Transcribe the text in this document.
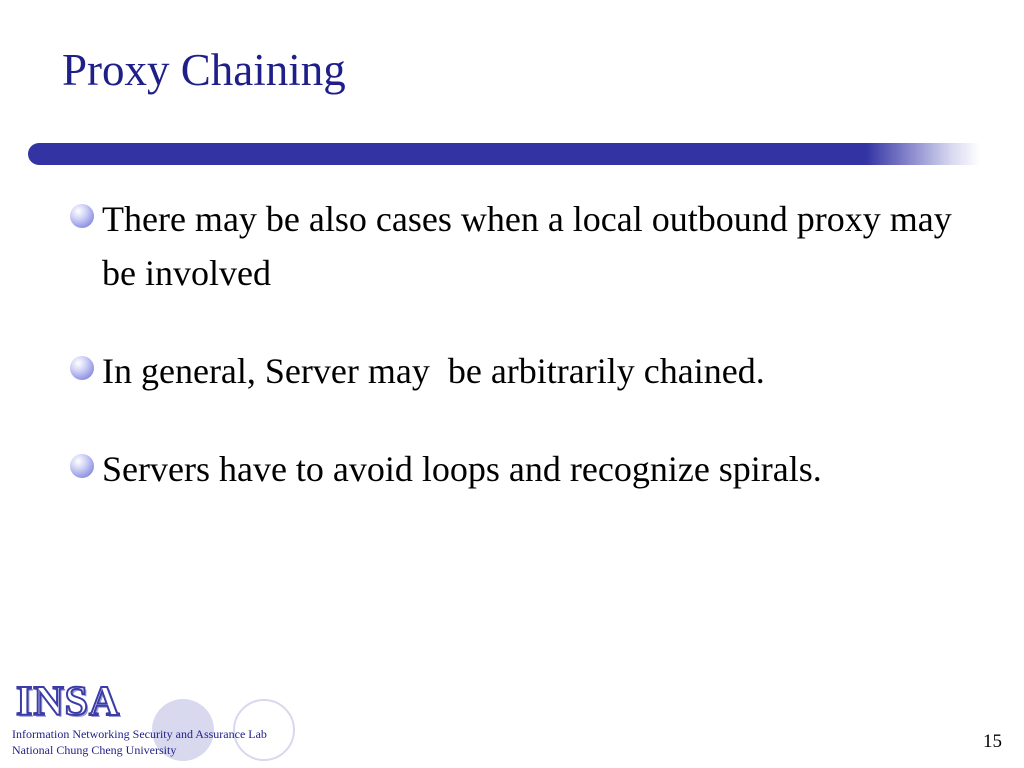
Proxy Chaining
There may be also cases when a local outbound proxy may be involved
In general, Server may  be arbitrarily chained.
Servers have to avoid loops and recognize spirals.
INSA
Information Networking Security and Assurance Lab
National Chung Cheng University	15
